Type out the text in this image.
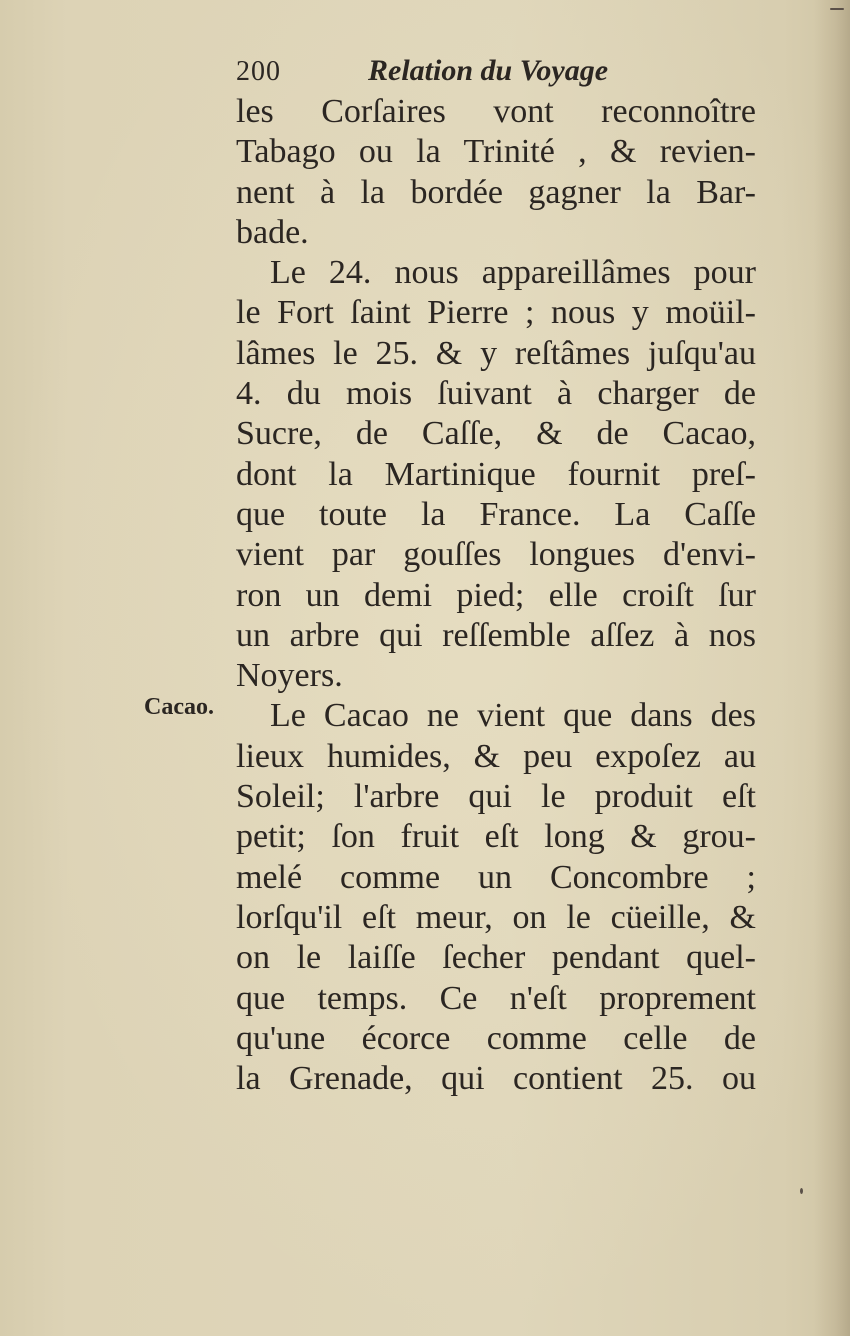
200	Relation du Voyage
Cacao.
les Corſaires vont reconnoître
Tabago ou la Trinité , & revien-
nent à la bordée gagner la Bar-
bade.
Le 24. nous appareillâmes pour
le Fort ſaint Pierre ; nous y moüil-
lâmes le 25. & y reſtâmes juſqu'au
4. du mois ſuivant à charger de
Sucre, de Caſſe, & de Cacao,
dont la Martinique fournit preſ-
que toute la France. La Caſſe
vient par gouſſes longues d'envi-
ron un demi pied; elle croiſt ſur
un arbre qui reſſemble aſſez à nos
Noyers.
Le Cacao ne vient que dans des
lieux humides, & peu expoſez au
Soleil; l'arbre qui le produit eſt
petit; ſon fruit eſt long & grou-
melé comme un Concombre ;
lorſqu'il eſt meur, on le cüeille, &
on le laiſſe ſecher pendant quel-
que temps. Ce n'eſt proprement
qu'une écorce comme celle de
la Grenade, qui contient 25. ou
